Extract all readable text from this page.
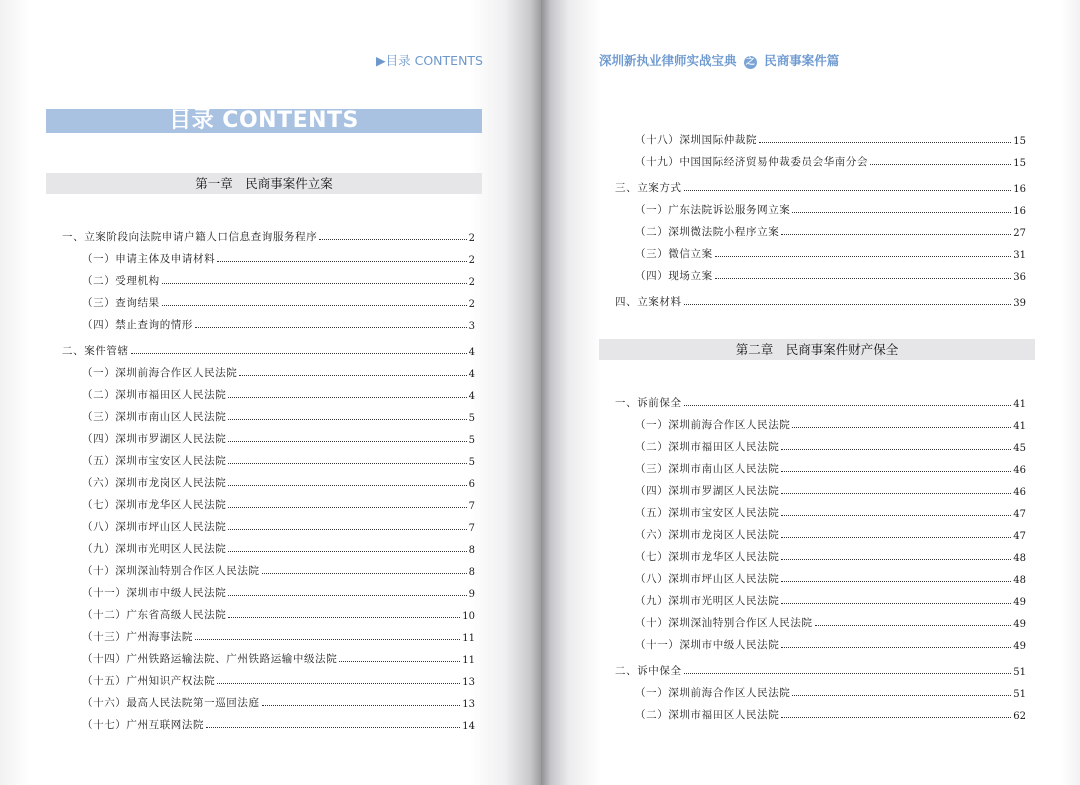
▶目录 CONTENTS
目录 CONTENTS
第一章　民商事案件立案
一、立案阶段向法院申请户籍人口信息查询服务程序	2
（一）申请主体及申请材料	2
（二）受理机构	2
（三）查询结果	2
（四）禁止查询的情形	3
二、案件管辖	4
（一）深圳前海合作区人民法院	4
（二）深圳市福田区人民法院	4
（三）深圳市南山区人民法院	5
（四）深圳市罗湖区人民法院	5
（五）深圳市宝安区人民法院	5
（六）深圳市龙岗区人民法院	6
（七）深圳市龙华区人民法院	7
（八）深圳市坪山区人民法院	7
（九）深圳市光明区人民法院	8
（十）深圳深汕特别合作区人民法院	8
（十一）深圳市中级人民法院	9
（十二）广东省高级人民法院	10
（十三）广州海事法院	11
（十四）广州铁路运输法院、广州铁路运输中级法院	11
（十五）广州知识产权法院	13
（十六）最高人民法院第一巡回法庭	13
（十七）广州互联网法院	14
深圳新执业律师实战宝典 之 民商事案件篇
（十八）深圳国际仲裁院	15
（十九）中国国际经济贸易仲裁委员会华南分会	15
三、立案方式	16
（一）广东法院诉讼服务网立案	16
（二）深圳微法院小程序立案	27
（三）微信立案	31
（四）现场立案	36
四、立案材料	39
第二章　民商事案件财产保全
一、诉前保全	41
（一）深圳前海合作区人民法院	41
（二）深圳市福田区人民法院	45
（三）深圳市南山区人民法院	46
（四）深圳市罗湖区人民法院	46
（五）深圳市宝安区人民法院	47
（六）深圳市龙岗区人民法院	47
（七）深圳市龙华区人民法院	48
（八）深圳市坪山区人民法院	48
（九）深圳市光明区人民法院	49
（十）深圳深汕特别合作区人民法院	49
（十一）深圳市中级人民法院	49
二、诉中保全	51
（一）深圳前海合作区人民法院	51
（二）深圳市福田区人民法院	62
